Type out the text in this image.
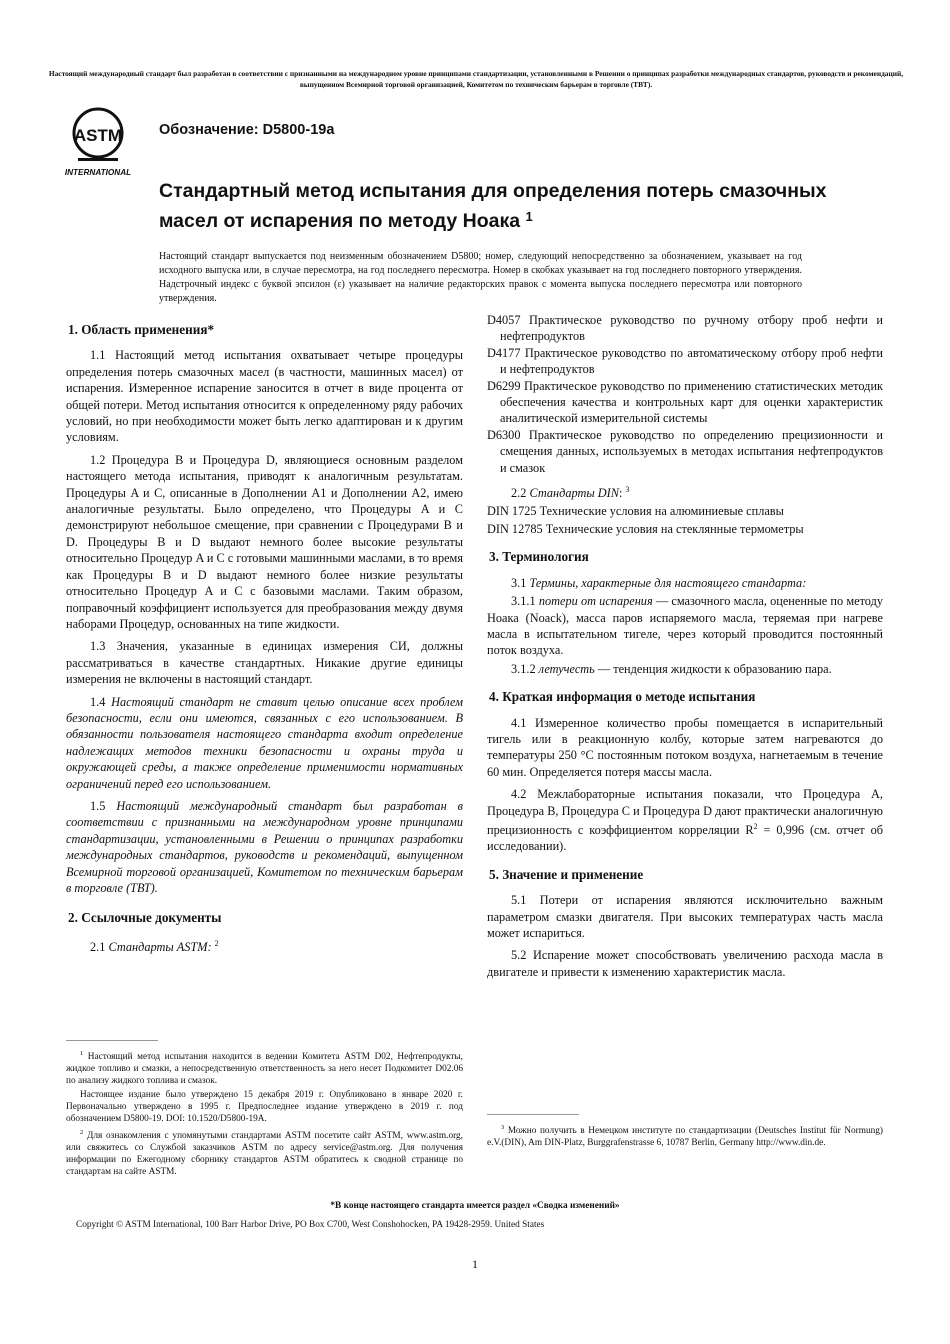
Настоящий международный стандарт был разработан в соответствии с признанными на международном уровне принципами стандартизации, установленными в Решении о принципах разработки международных стандартов, руководств и рекомендаций, выпущенном Всемирной торговой организацией, Комитетом по техническим барьерам в торговле (ТВТ).
ASTM
INTERNATIONAL
Обозначение: D5800-19a
Стандартный метод испытания для определения потерь смазочных масел от испарения по методу Ноака $^1$
Настоящий стандарт выпускается под неизменным обозначением D5800; номер, следующий непосредственно за обозначением, указывает на год исходного выпуска или, в случае пересмотра, на год последнего пересмотра. Номер в скобках указывает на год последнего повторного утверждения. Надстрочный индекс с буквой эпсилон (ε) указывает на наличие редакторских правок с момента выпуска последнего пересмотра или повторного утверждения.
1. Область применения*
1.1 Настоящий метод испытания охватывает четыре процедуры определения потерь смазочных масел (в частности, машинных масел) от испарения. Измеренное испарение заносится в отчет в виде процента от общей потери. Метод испытания относится к определенному ряду рабочих условий, но при необходимости может быть легко адаптирован и к другим условиям.
1.2 Процедура B и Процедура D, являющиеся основным разделом настоящего метода испытания, приводят к аналогичным результатам. Процедуры A и C, описанные в Дополнении A1 и Дополнении A2, имею аналогичные результаты. Было определено, что Процедуры A и C демонстрируют небольшое смещение, при сравнении с Процедурами B и D. Процедуры B и D выдают немного более высокие результаты относительно Процедур A и C с готовыми машинными маслами, в то время как Процедуры B и D выдают немного более низкие результаты относительно Процедур A и C с базовыми маслами. Таким образом, поправочный коэффициент используется для преобразования между двумя наборами Процедур, основанных на типе жидкости.
1.3 Значения, указанные в единицах измерения СИ, должны рассматриваться в качестве стандартных. Никакие другие единицы измерения не включены в настоящий стандарт.
1.4 Настоящий стандарт не ставит целью описание всех проблем безопасности, если они имеются, связанных с его использованием. В обязанности пользователя настоящего стандарта входит определение надлежащих методов техники безопасности и охраны труда и окружающей среды, а также определение применимости нормативных ограничений перед его использованием.
1.5 Настоящий международный стандарт был разработан в соответствии с признанными на международном уровне принципами стандартизации, установленными в Решении о принципах разработки международных стандартов, руководств и рекомендаций, выпущенном Всемирной торговой организацией, Комитетом по техническим барьерам в торговле (ТВТ).
2. Ссылочные документы
2.1 Стандарты ASTM: $^2$
D4057 Практическое руководство по ручному отбору проб нефти и нефтепродуктов
D4177 Практическое руководство по автоматическому отбору проб нефти и нефтепродуктов
D6299 Практическое руководство по применению статистических методик обеспечения качества и контрольных карт для оценки характеристик аналитической измерительной системы
D6300 Практическое руководство по определению прецизионности и смещения данных, используемых в методах испытания нефтепродуктов и смазок
2.2 Стандарты DIN: $^3$
DIN 1725 Технические условия на алюминиевые сплавы
DIN 12785 Технические условия на стеклянные термометры
3. Терминология
3.1 Термины, характерные для настоящего стандарта:
3.1.1 потери от испарения — смазочного масла, оцененные по методу Ноака (Noack), масса паров испаряемого масла, теряемая при нагреве масла в испытательном тигеле, через который проводится постоянный поток воздуха.
3.1.2 летучесть — тенденция жидкости к образованию пара.
4. Краткая информация о методе испытания
4.1 Измеренное количество пробы помещается в испарительный тигель или в реакционную колбу, которые затем нагреваются до температуры 250 °C постоянным потоком воздуха, нагнетаемым в течение 60 мин. Определяется потеря массы масла.
4.2 Межлабораторные испытания показали, что Процедура A, Процедура B, Процедура C и Процедура D дают практически аналогичную прецизионность с коэффициентом корреляции $R^2 = 0,996$ (см. отчет об исследовании).
5. Значение и применение
5.1 Потери от испарения являются исключительно важным параметром смазки двигателя. При высоких температурах часть масла может испариться.
5.2 Испарение может способствовать увеличению расхода масла в двигателе и привести к изменению характеристик масла.
$^1$ Настоящий метод испытания находится в ведении Комитета ASTM D02, Нефтепродукты, жидкое топливо и смазки, а непосредственную ответственность за него несет Подкомитет D02.06 по анализу жидкого топлива и смазок.
Настоящее издание было утверждено 15 декабря 2019 г. Опубликовано в январе 2020 г. Первоначально утверждено в 1995 г. Предпоследнее издание утверждено в 2019 г. под обозначением D5800-19. DOI: 10.1520/D5800-19A.
$^2$ Для ознакомления с упомянутыми стандартами ASTM посетите сайт ASTM, www.astm.org, или свяжитесь со Службой заказчиков ASTM по адресу service@astm.org. Для получения информации по Ежегодному сборнику стандартов ASTM обратитесь к сводной странице по стандартам на сайте ASTM.
$^3$ Можно получить в Немецком институте по стандартизации (Deutsches Institut für Normung) e.V.(DIN), Am DIN-Platz, Burggrafenstrasse 6, 10787 Berlin, Germany http://www.din.de.
*В конце настоящего стандарта имеется раздел «Сводка изменений»
Copyright © ASTM International, 100 Barr Harbor Drive, PO Box C700, West Conshohocken, PA 19428-2959. United States
1
